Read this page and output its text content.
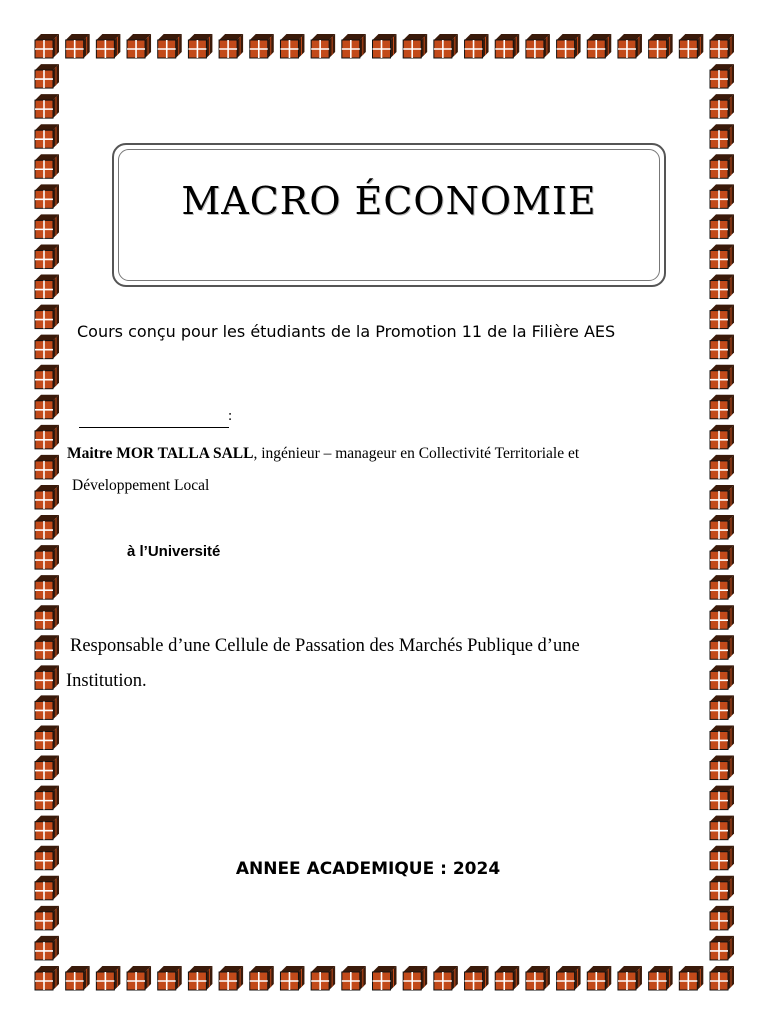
MACRO ÉCONOMIE
Cours conçu pour les étudiants de la Promotion 11 de la Filière AES
:
Maitre MOR TALLA SALL, ingénieur – manageur en Collectivité Territoriale et
Développement Local
à l’Université
Responsable d’une Cellule de Passation des Marchés Publique d’une
Institution.
ANNEE ACADEMIQUE : 2024
